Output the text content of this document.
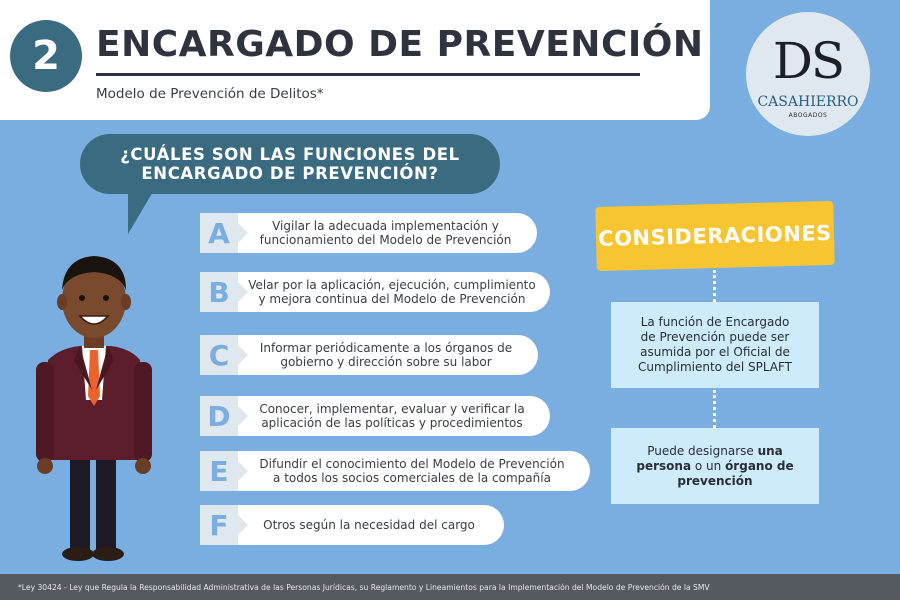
2	ENCARGADO DE PREVENCIÓN
Modelo de Prevención de Delitos*
DS
CASAHIERRO
ABOGADOS
¿CUÁLES SON LAS FUNCIONES DEL
ENCARGADO DE PREVENCIÓN?
A	Vigilar la adecuada implementación y
funcionamiento del Modelo de Prevención
B	Velar por la aplicación, ejecución, cumplimiento
y mejora continua del Modelo de Prevención
C	Informar periódicamente a los órganos de
gobierno y dirección sobre su labor
D	Conocer, implementar, evaluar y verificar la
aplicación de las políticas y procedimientos
E	Difundir el conocimiento del Modelo de Prevención
a todos los socios comerciales de la compañía
F	Otros según la necesidad del cargo
CONSIDERACIONES
La función de Encargado
de Prevención puede ser
asumida por el Oficial de
Cumplimiento del SPLAFT
Puede designarse una persona o un órgano de prevención
*Ley 30424 - Ley que Regula la Responsabilidad Administrativa de las Personas Jurídicas, su Reglamento y Lineamientos para la Implementación del Modelo de Prevención de la SMV
